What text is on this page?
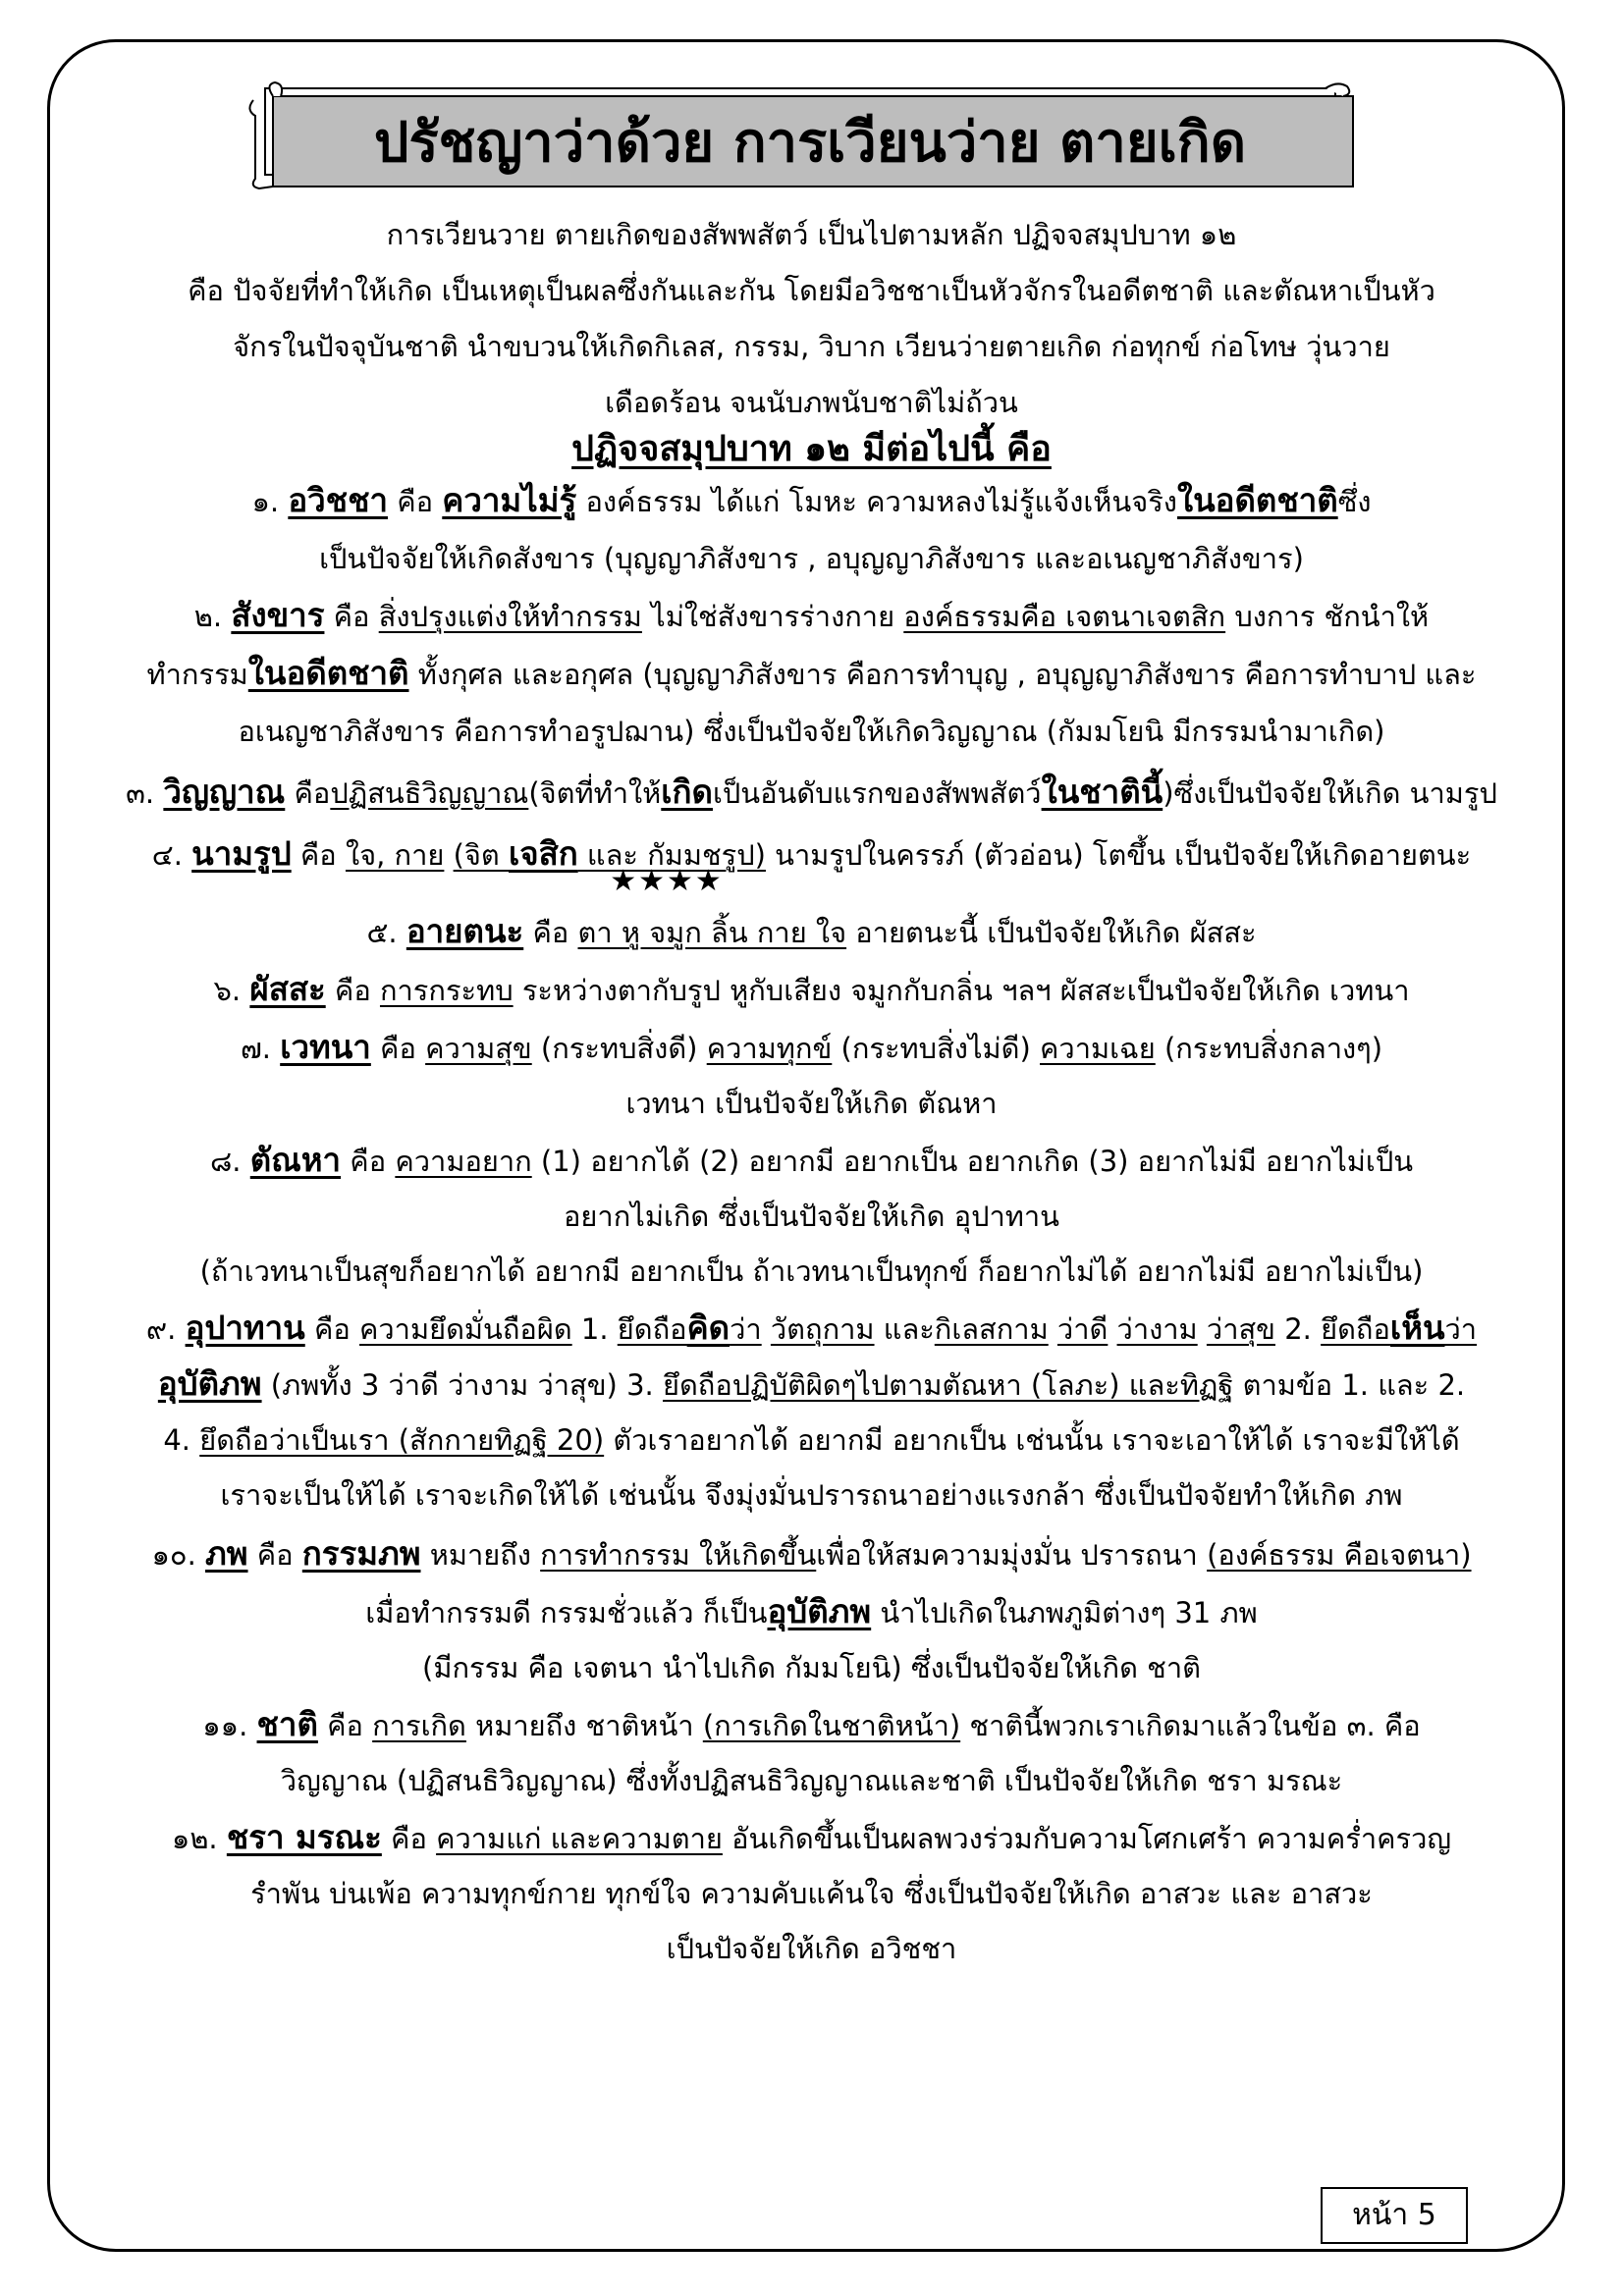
ปรัชญาว่าด้วย การเวียนว่าย ตายเกิด

การเวียนวาย ตายเกิดของสัพพสัตว์ เป็นไปตามหลัก ปฏิจจสมุปบาท ๑๒

คือ ปัจจัยที่ทำให้เกิด เป็นเหตุเป็นผลซึ่งกันและกัน โดยมีอวิชชาเป็นหัวจักรในอดีตชาติ และตัณหาเป็นหัว

จักรในปัจจุบันชาติ นำขบวนให้เกิดกิเลส, กรรม, วิบาก เวียนว่ายตายเกิด ก่อทุกข์ ก่อโทษ วุ่นวาย

เดือดร้อน จนนับภพนับชาติไม่ถ้วน

ปฏิจจสมุปบาท ๑๒ มีต่อไปนี้ คือ

๑. อวิชชา คือ ความไม่รู้ องค์ธรรม ได้แก่ โมหะ ความหลงไม่รู้แจ้งเห็นจริงในอดีตชาติซึ่ง

เป็นปัจจัยให้เกิดสังขาร (บุญญาภิสังขาร , อบุญญาภิสังขาร และอเนญชาภิสังขาร)

๒. สังขาร คือ สิ่งปรุงแต่งให้ทำกรรม ไม่ใช่สังขารร่างกาย องค์ธรรมคือ เจตนาเจตสิก บงการ ชักนำให้

ทำกรรมในอดีตชาติ ทั้งกุศล และอกุศล (บุญญาภิสังขาร คือการทำบุญ , อบุญญาภิสังขาร คือการทำบาป และ

อเนญชาภิสังขาร คือการทำอรูปฌาน) ซึ่งเป็นปัจจัยให้เกิดวิญญาณ (กัมมโยนิ มีกรรมนำมาเกิด)

๓. วิญญาณ คือปฏิสนธิวิญญาณ(จิตที่ทำให้เกิดเป็นอันดับแรกของสัพพสัตว์ในชาตินี้)ซึ่งเป็นปัจจัยให้เกิด นามรูป

๔. นามรูป คือ ใจ, กาย (จิต เจสิก และ กัมมชรูป) นามรูปในครรภ์ (ตัวอ่อน) โตขึ้น เป็นปัจจัยให้เกิดอายตนะ

★★★★

๕. อายตนะ คือ ตา หู จมูก ลิ้น กาย ใจ อายตนะนี้ เป็นปัจจัยให้เกิด ผัสสะ

๖. ผัสสะ คือ การกระทบ ระหว่างตากับรูป หูกับเสียง จมูกกับกลิ่น ฯลฯ ผัสสะเป็นปัจจัยให้เกิด เวทนา

๗. เวทนา คือ ความสุข (กระทบสิ่งดี) ความทุกข์ (กระทบสิ่งไม่ดี) ความเฉย (กระทบสิ่งกลางๆ)

เวทนา เป็นปัจจัยให้เกิด ตัณหา

๘. ตัณหา คือ ความอยาก (1) อยากได้ (2) อยากมี อยากเป็น อยากเกิด (3) อยากไม่มี อยากไม่เป็น

อยากไม่เกิด ซึ่งเป็นปัจจัยให้เกิด อุปาทาน

(ถ้าเวทนาเป็นสุขก็อยากได้ อยากมี อยากเป็น ถ้าเวทนาเป็นทุกข์ ก็อยากไม่ได้ อยากไม่มี อยากไม่เป็น)

๙. อุปาทาน คือ ความยึดมั่นถือผิด 1. ยึดถือคิดว่า วัตถุกาม และกิเลสกาม ว่าดี ว่างาม ว่าสุข 2. ยึดถือเห็นว่า

อุบัติภพ (ภพทั้ง 3 ว่าดี ว่างาม ว่าสุข) 3. ยึดถือปฏิบัติผิดๆไปตามตัณหา (โลภะ) และทิฏฐิ ตามข้อ 1. และ 2.

4. ยึดถือว่าเป็นเรา (สักกายทิฏฐิ 20) ตัวเราอยากได้ อยากมี อยากเป็น เช่นนั้น เราจะเอาให้ได้ เราจะมีให้ได้

เราจะเป็นให้ได้ เราจะเกิดให้ได้ เช่นนั้น จึงมุ่งมั่นปรารถนาอย่างแรงกล้า ซึ่งเป็นปัจจัยทำให้เกิด ภพ

๑๐. ภพ คือ กรรมภพ หมายถึง การทำกรรม ให้เกิดขึ้นเพื่อให้สมความมุ่งมั่น ปรารถนา (องค์ธรรม คือเจตนา)

เมื่อทำกรรมดี กรรมชั่วแล้ว ก็เป็นอุบัติภพ นำไปเกิดในภพภูมิต่างๆ 31 ภพ

(มีกรรม คือ เจตนา นำไปเกิด กัมมโยนิ) ซึ่งเป็นปัจจัยให้เกิด ชาติ

๑๑. ชาติ คือ การเกิด หมายถึง ชาติหน้า (การเกิดในชาติหน้า) ชาตินี้พวกเราเกิดมาแล้วในข้อ ๓. คือ

วิญญาณ (ปฏิสนธิวิญญาณ) ซึ่งทั้งปฏิสนธิวิญญาณและชาติ เป็นปัจจัยให้เกิด ชรา มรณะ

๑๒. ชรา มรณะ คือ ความแก่ และความตาย อันเกิดขึ้นเป็นผลพวงร่วมกับความโศกเศร้า ความคร่ำครวญ

รำพัน บ่นเพ้อ ความทุกข์กาย ทุกข์ใจ ความคับแค้นใจ ซึ่งเป็นปัจจัยให้เกิด อาสวะ และ อาสวะ

เป็นปัจจัยให้เกิด อวิชชา

หน้า 5
